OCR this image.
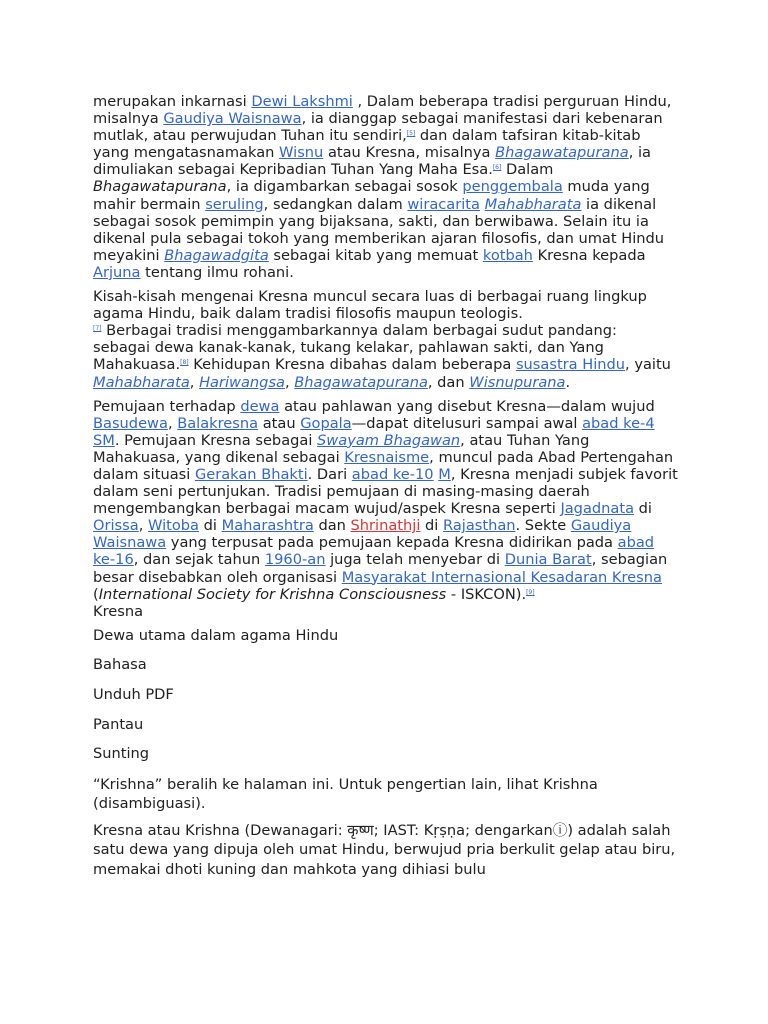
merupakan inkarnasi Dewi Lakshmi , Dalam beberapa tradisi perguruan Hindu, misalnya Gaudiya Waisnawa, ia dianggap sebagai manifestasi dari kebenaran mutlak, atau perwujudan Tuhan itu sendiri,[5] dan dalam tafsiran kitab-kitab yang mengatasnamakan Wisnu atau Kresna, misalnya Bhagawatapurana, ia dimuliakan sebagai Kepribadian Tuhan Yang Maha Esa.[6] Dalam Bhagawatapurana, ia digambarkan sebagai sosok penggembala muda yang mahir bermain seruling, sedangkan dalam wiracarita Mahabharata ia dikenal sebagai sosok pemimpin yang bijaksana, sakti, dan berwibawa. Selain itu ia dikenal pula sebagai tokoh yang memberikan ajaran filosofis, dan umat Hindu meyakini Bhagawadgita sebagai kitab yang memuat kotbah Kresna kepada Arjuna tentang ilmu rohani.

Kisah-kisah mengenai Kresna muncul secara luas di berbagai ruang lingkup agama Hindu, baik dalam tradisi filosofis maupun teologis.
[7] Berbagai tradisi menggambarkannya dalam berbagai sudut pandang: sebagai dewa kanak-kanak, tukang kelakar, pahlawan sakti, dan Yang Mahakuasa.[8] Kehidupan Kresna dibahas dalam beberapa susastra Hindu, yaitu Mahabharata, Hariwangsa, Bhagawatapurana, dan Wisnupurana.

Pemujaan terhadap dewa atau pahlawan yang disebut Kresna—dalam wujud Basudewa, Balakresna atau Gopala—dapat ditelusuri sampai awal abad ke-4 SM. Pemujaan Kresna sebagai Swayam Bhagawan, atau Tuhan Yang Mahakuasa, yang dikenal sebagai Kresnaisme, muncul pada Abad Pertengahan dalam situasi Gerakan Bhakti. Dari abad ke-10 M, Kresna menjadi subjek favorit dalam seni pertunjukan. Tradisi pemujaan di masing-masing daerah mengembangkan berbagai macam wujud/aspek Kresna seperti Jagadnata di Orissa, Witoba di Maharashtra dan Shrinathji di Rajasthan. Sekte Gaudiya Waisnawa yang terpusat pada pemujaan kepada Kresna didirikan pada abad ke-16, dan sejak tahun 1960-an juga telah menyebar di Dunia Barat, sebagian besar disebabkan oleh organisasi Masyarakat Internasional Kesadaran Kresna (International Society for Krishna Consciousness - ISKCON).[9]
Kresna

Dewa utama dalam agama Hindu

Bahasa

Unduh PDF

Pantau

Sunting

“Krishna” beralih ke halaman ini. Untuk pengertian lain, lihat Krishna (disambiguasi).

Kresna atau Krishna (Dewanagari: कृष्ण; IAST: Kṛṣṇa; dengarkanⓘ) adalah salah satu dewa yang dipuja oleh umat Hindu, berwujud pria berkulit gelap atau biru, memakai dhoti kuning dan mahkota yang dihiasi bulu
